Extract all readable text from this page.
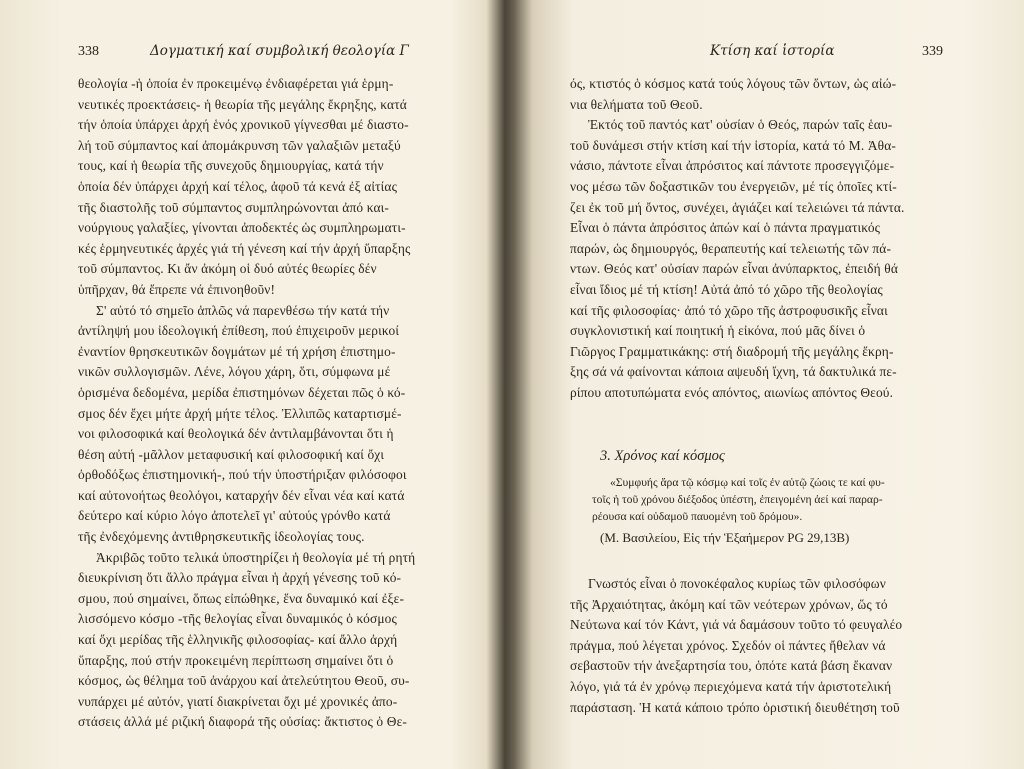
338	Δογματική καί συμβολική θεολογία Γ
θεολογία -ἡ ὁποία ἐν προκειμένῳ ἐνδιαφέρεται γιά ἑρμη-
νευτικές προεκτάσεις- ἡ θεωρία τῆς μεγάλης ἔκρηξης, κατά
τήν ὁποία ὑπάρχει ἀρχή ἑνός χρονικοῦ γίγνεσθαι μέ διαστο-
λή τοῦ σύμπαντος καί ἀπομάκρυνση τῶν γαλαξιῶν μεταξύ
τους, καί ἡ θεωρία τῆς συνεχοῦς δημιουργίας, κατά τήν
ὁποία δέν ὑπάρχει ἀρχή καί τέλος, ἀφοῦ τά κενά ἐξ αἰτίας
τῆς διαστολῆς τοῦ σύμπαντος συμπληρώνονται ἀπό και-
νούργιους γαλαξίες, γίνονται ἀποδεκτές ὡς συμπληρωματι-
κές ἑρμηνευτικές ἀρχές γιά τή γένεση καί τήν ἀρχή ὕπαρξης
τοῦ σύμπαντος. Κι ἄν ἀκόμη οἱ δυό αὐτές θεωρίες δέν
ὑπῆρχαν, θά ἔπρεπε νά ἐπινοηθοῦν!
Σ' αὐτό τό σημεῖο ἁπλῶς νά παρενθέσω τήν κατά τήν
ἀντίληψή μου ἰδεολογική ἐπίθεση, πού ἐπιχειροῦν μερικοί
ἐναντίον θρησκευτικῶν δογμάτων μέ τή χρήση ἐπιστημο-
νικῶν συλλογισμῶν. Λένε, λόγου χάρη, ὅτι, σύμφωνα μέ
ὁρισμένα δεδομένα, μερίδα ἐπιστημόνων δέχεται πῶς ὁ κό-
σμος δέν ἔχει μήτε ἀρχή μήτε τέλος. Ἐλλιπῶς καταρτισμέ-
νοι φιλοσοφικά καί θεολογικά δέν ἀντιλαμβάνονται ὅτι ἡ
θέση αὐτή -μᾶλλον μεταφυσική καί φιλοσοφική καί ὄχι
ὀρθοδόξως ἐπιστημονική-, πού τήν ὑποστήριξαν φιλόσοφοι
καί αὐτονοήτως θεολόγοι, καταρχήν δέν εἶναι νέα καί κατά
δεύτερο καί κύριο λόγο ἀποτελεῖ γι' αὐτούς γρόνθο κατά
τῆς ἐνδεχόμενης ἀντιθρησκευτικῆς ἰδεολογίας τους.
Ἀκριβῶς τοῦτο τελικά ὑποστηρίζει ἡ θεολογία μέ τή ρητή
διευκρίνιση ὅτι ἄλλο πράγμα εἶναι ἡ ἀρχή γένεσης τοῦ κό-
σμου, πού σημαίνει, ὅπως εἰπώθηκε, ἕνα δυναμικό καί ἐξε-
λισσόμενο κόσμο -τῆς θελογίας εἶναι δυναμικός ὁ κόσμος
καί ὄχι μερίδας τῆς ἑλληνικῆς φιλοσοφίας- καί ἄλλο ἀρχή
ὕπαρξης, πού στήν προκειμένη περίπτωση σημαίνει ὅτι ὁ
κόσμος, ὡς θέλημα τοῦ ἀνάρχου καί ἀτελεύτητου Θεοῦ, συ-
νυπάρχει μέ αὐτόν, γιατί διακρίνεται ὄχι μέ χρονικές ἀπο-
στάσεις ἀλλά μέ ριζική διαφορά τῆς οὐσίας: ἄκτιστος ὁ Θε-
Κτίση καί ἱστορία	339
ός, κτιστός ὁ κόσμος κατά τούς λόγους τῶν ὄντων, ὡς αἰώ-
νια θελήματα τοῦ Θεοῦ.
Ἐκτός τοῦ παντός κατ' οὐσίαν ὁ Θεός, παρών ταῖς ἑαυ-
τοῦ δυνάμεσι στήν κτίση καί τήν ἱστορία, κατά τό Μ. Ἀθα-
νάσιο, πάντοτε εἶναι ἀπρόσιτος καί πάντοτε προσεγγιζόμε-
νος μέσω τῶν δοξαστικῶν του ἐνεργειῶν, μέ τίς ὁποῖες κτί-
ζει ἐκ τοῦ μή ὄντος, συνέχει, ἁγιάζει καί τελειώνει τά πάντα.
Εἶναι ὁ πάντα ἀπρόσιτος ἀπών καί ὁ πάντα πραγματικός
παρών, ὡς δημιουργός, θεραπευτής καί τελειωτής τῶν πά-
ντων. Θεός κατ' οὐσίαν παρών εἶναι ἀνύπαρκτος, ἐπειδή θά
εἶναι ἴδιος μέ τή κτίση! Αὐτά ἀπό τό χῶρο τῆς θεολογίας
καί τῆς φιλοσοφίας· ἀπό τό χῶρο τῆς ἀστροφυσικῆς εἶναι
συγκλονιστική καί ποιητική ἡ εἰκόνα, πού μᾶς δίνει ὁ
Γιῶργος Γραμματικάκης: στή διαδρομή τῆς μεγάλης ἔκρη-
ξης σά νά φαίνονται κάποια αψευδή ἴχνη, τά δακτυλικά πε-
ρίπου αποτυπώματα ενός απόντος, αιωνίως απόντος Θεού.
3. Χρόνος καί κόσμος
«Συμφυής ἄρα τῷ κόσμῳ καί τοῖς ἐν αὐτῷ ζώοις τε καί φυ-
τοῖς ἡ τοῦ χρόνου διέξοδος ὑπέστη, ἐπειγομένη ἀεί καί παραρ-
ρέουσα καί οὐδαμοῦ παυομένη τοῦ δρόμου».
(Μ. Βασιλείου, Εἰς τήν Ἑξαήμερον PG 29,13B)
Γνωστός εἶναι ὁ πονοκέφαλος κυρίως τῶν φιλοσόφων
τῆς Ἀρχαιότητας, ἀκόμη καί τῶν νεότερων χρόνων, ὥς τό
Νεύτωνα καί τόν Κάντ, γιά νά δαμάσουν τοῦτο τό φευγαλέο
πράγμα, πού λέγεται χρόνος. Σχεδόν οἱ πάντες ἤθελαν νά
σεβαστοῦν τήν ἀνεξαρτησία του, ὁπότε κατά βάση ἔκαναν
λόγο, γιά τά ἐν χρόνῳ περιεχόμενα κατά τήν ἀριστοτελική
παράσταση. Ἡ κατά κάποιο τρόπο ὁριστική διευθέτηση τοῦ
